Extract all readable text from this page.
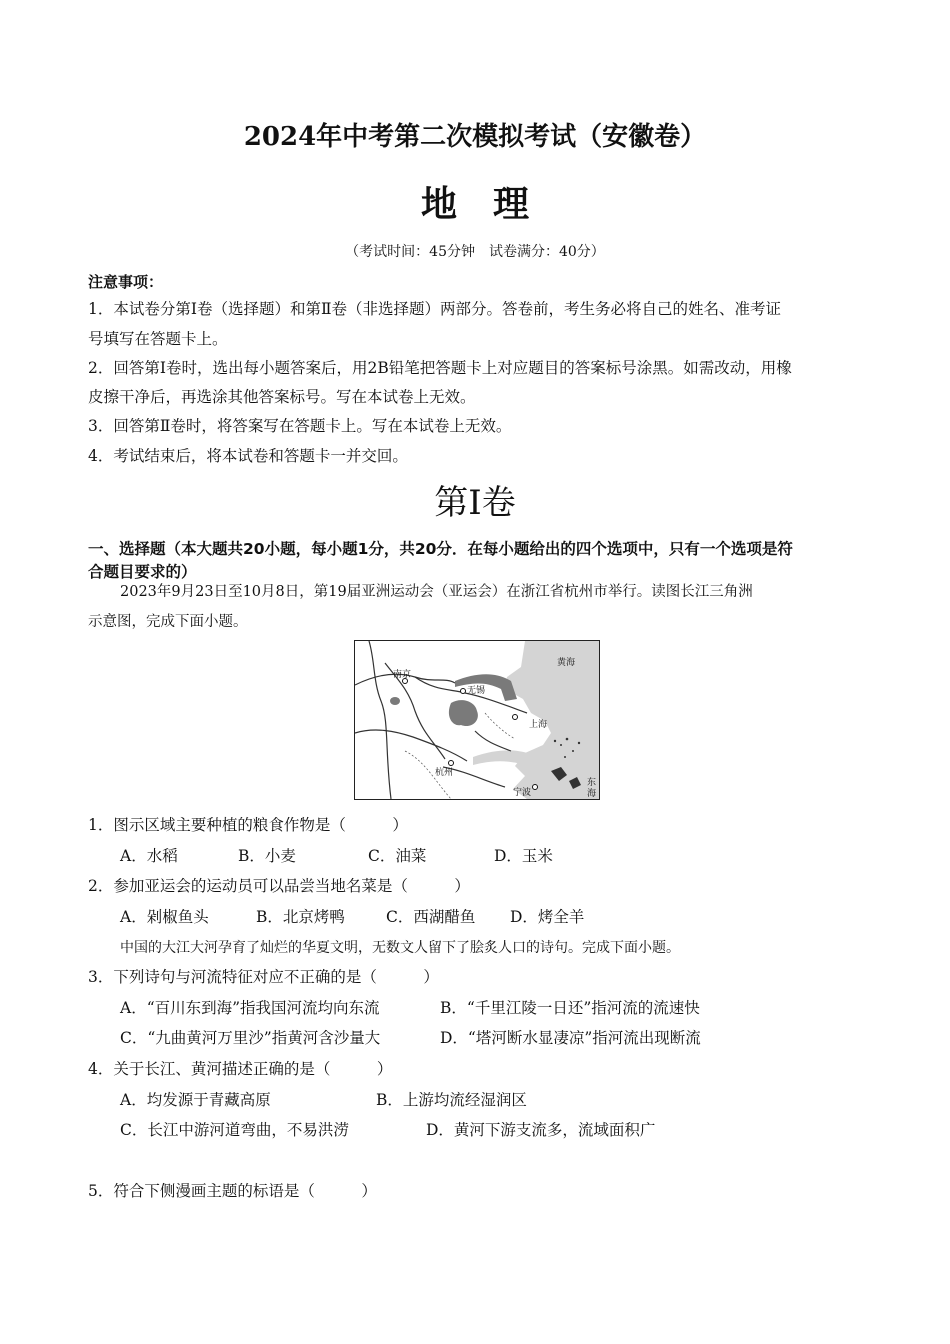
2024年中考第二次模拟考试（安徽卷）
地 理
（考试时间：45分钟　试卷满分：40分）
注意事项：
1．本试卷分第Ⅰ卷（选择题）和第Ⅱ卷（非选择题）两部分。答卷前，考生务必将自己的姓名、准考证
号填写在答题卡上。
2．回答第Ⅰ卷时，选出每小题答案后，用2B铅笔把答题卡上对应题目的答案标号涂黑。如需改动，用橡
皮擦干净后，再选涂其他答案标号。写在本试卷上无效。
3．回答第Ⅱ卷时，将答案写在答题卡上。写在本试卷上无效。
4．考试结束后，将本试卷和答题卡一并交回。
第Ⅰ卷
一、选择题（本大题共20小题，每小题1分，共20分．在每小题给出的四个选项中，只有一个选项是符
合题目要求的）
2023年9月23日至10月8日，第19届亚洲运动会（亚运会）在浙江省杭州市举行。读图长江三角洲
示意图，完成下面小题。
南京
无锡
上海
杭州
宁波
黄海
东
海
1．图示区域主要种植的粮食作物是（　　　）
A．水稻	B．小麦	C．油菜	D．玉米
2．参加亚运会的运动员可以品尝当地名菜是（　　　）
A．剁椒鱼头	B．北京烤鸭	C．西湖醋鱼 D．烤全羊
中国的大江大河孕育了灿烂的华夏文明，无数文人留下了脍炙人口的诗句。完成下面小题。
3．下列诗句与河流特征对应不正确的是（　　　）
A．“百川东到海”指我国河流均向东流	B．“千里江陵一日还”指河流的流速快
C．“九曲黄河万里沙”指黄河含沙量大	D．“塔河断水显凄凉”指河流出现断流
4．关于长江、黄河描述正确的是（　　　）
A．均发源于青藏高原	B．上游均流经湿润区
C．长江中游河道弯曲，不易洪涝	D．黄河下游支流多，流域面积广
5．符合下侧漫画主题的标语是（　　　）
